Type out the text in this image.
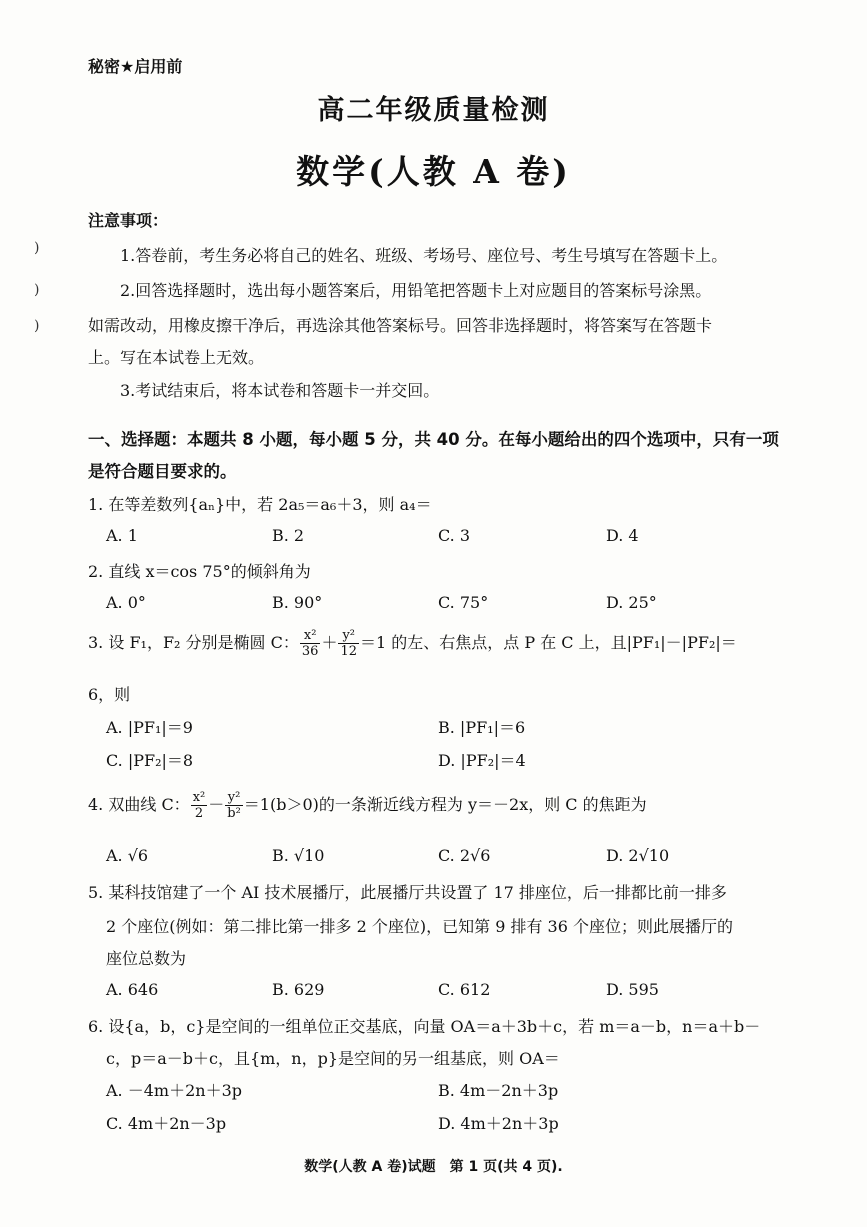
)
)
)
秘密★启用前
高二年级质量检测
数学(人教 A 卷)
注意事项：
1.答卷前，考生务必将自己的姓名、班级、考场号、座位号、考生号填写在答题卡上。
2.回答选择题时，选出每小题答案后，用铅笔把答题卡上对应题目的答案标号涂黑。
如需改动，用橡皮擦干净后，再选涂其他答案标号。回答非选择题时，将答案写在答题卡
上。写在本试卷上无效。
3.考试结束后，将本试卷和答题卡一并交回。
一、选择题：本题共 8 小题，每小题 5 分，共 40 分。在每小题给出的四个选项中，只有一项
是符合题目要求的。
1. 在等差数列{aₙ}中，若 2a₅＝a₆＋3，则 a₄＝
A. 1	B. 2	C. 3	D. 4
2. 直线 x＝cos 75°的倾斜角为
A. 0°	B. 90°	C. 75°	D. 25°
3. 设 F₁，F₂ 分别是椭圆 C： $\frac{\text{x²}}{36} + \frac{\text{y²}}{12} =1$ 的左、右焦点，点 P 在 C 上，且|PF₁|－|PF₂|＝
6，则
A. |PF₁|＝9	B. |PF₁|＝6
C. |PF₂|＝8	D. |PF₂|＝4
4. 双曲线 C： $\frac{\text{x²}}{2} - \frac{\text{y²}}{\text{b²}} =1(b>0)$的一条渐近线方程为 y＝－2x，则 C 的焦距为
A. √6	B. √10	C. 2√6	D. 2√10
5. 某科技馆建了一个 AI 技术展播厅，此展播厅共设置了 17 排座位，后一排都比前一排多
2 个座位(例如：第二排比第一排多 2 个座位)，已知第 9 排有 36 个座位；则此展播厅的
座位总数为
A. 646	B. 629	C. 612	D. 595
6. 设{a，b，c}是空间的一组单位正交基底，向量 OA＝a＋3b＋c，若 m＝a－b，n＝a＋b－
c，p＝a－b＋c，且{m，n，p}是空间的另一组基底，则 OA＝
A. －4m＋2n＋3p	B. 4m－2n＋3p
C. 4m＋2n－3p	D. 4m＋2n＋3p
数学(人教 A 卷)试题　第 1 页(共 4 页).
